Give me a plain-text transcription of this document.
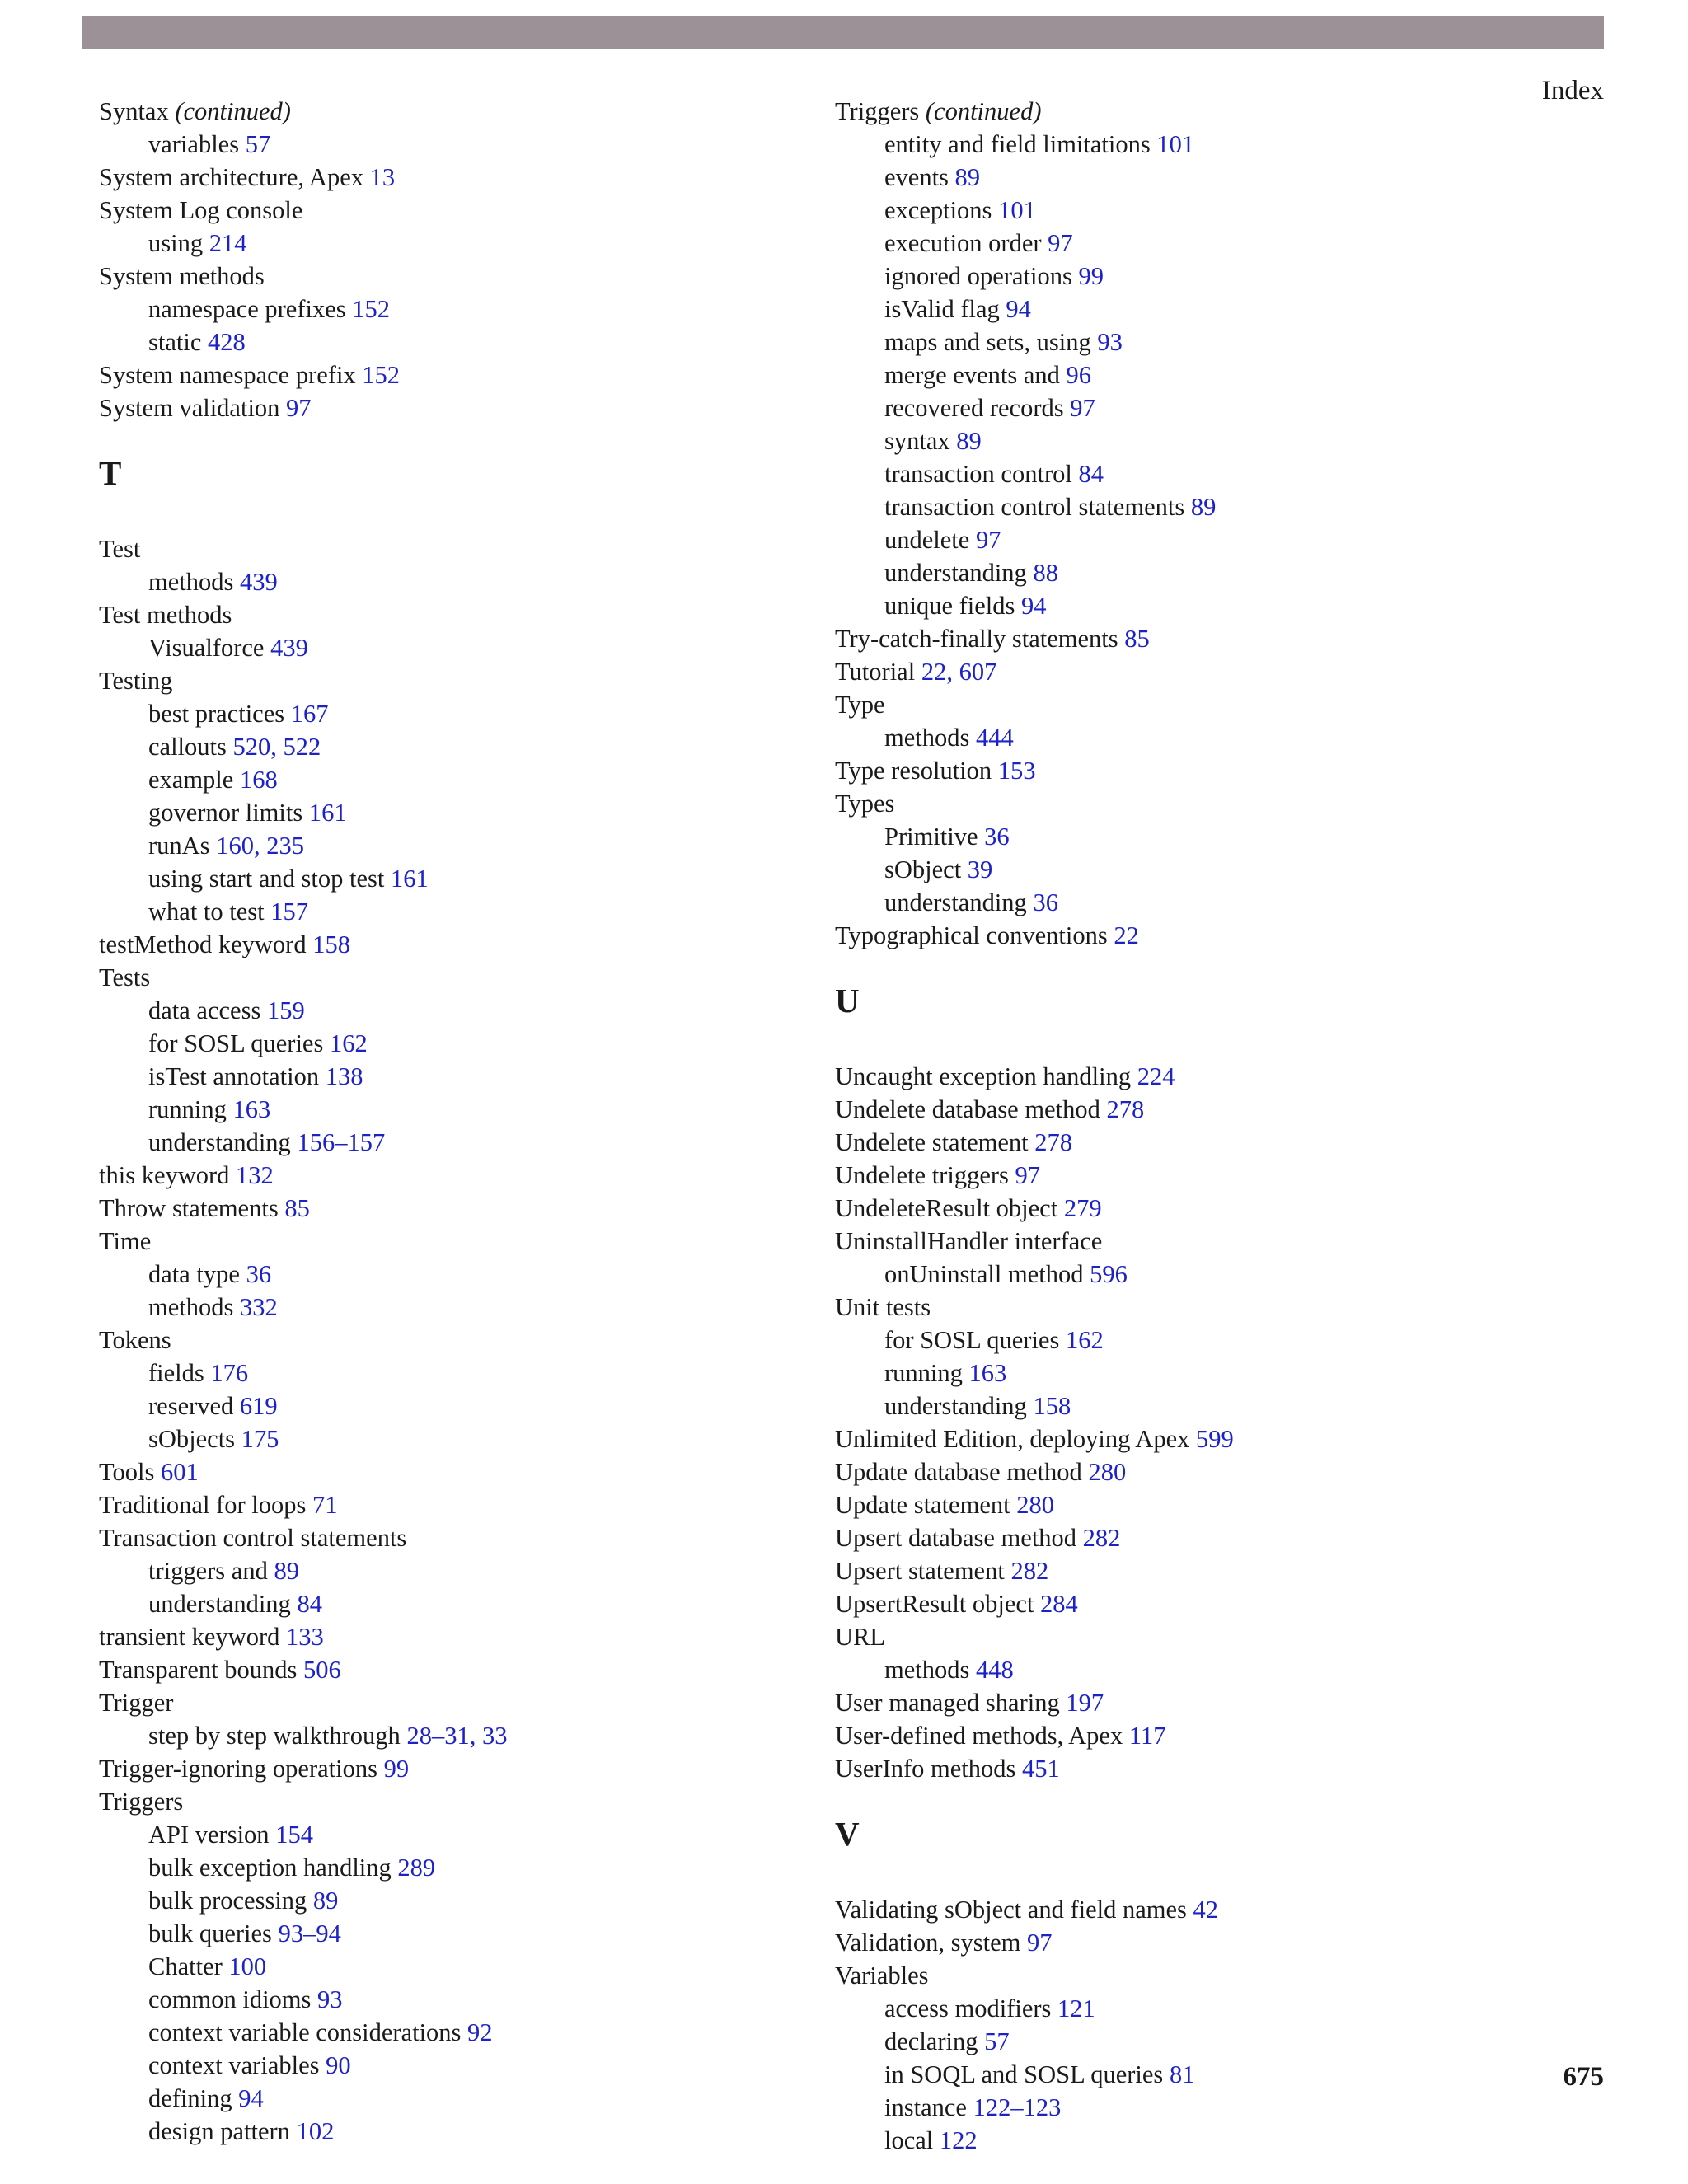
Index
Syntax (continued)
variables 57
System architecture, Apex 13
System Log console
using 214
System methods
namespace prefixes 152
static 428
System namespace prefix 152
System validation 97
T
Test
methods 439
Test methods
Visualforce 439
Testing
best practices 167
callouts 520, 522
example 168
governor limits 161
runAs 160, 235
using start and stop test 161
what to test 157
testMethod keyword 158
Tests
data access 159
for SOSL queries 162
isTest annotation 138
running 163
understanding 156–157
this keyword 132
Throw statements 85
Time
data type 36
methods 332
Tokens
fields 176
reserved 619
sObjects 175
Tools 601
Traditional for loops 71
Transaction control statements
triggers and 89
understanding 84
transient keyword 133
Transparent bounds 506
Trigger
step by step walkthrough 28–31, 33
Trigger-ignoring operations 99
Triggers
API version 154
bulk exception handling 289
bulk processing 89
bulk queries 93–94
Chatter 100
common idioms 93
context variable considerations 92
context variables 90
defining 94
design pattern 102
Triggers (continued)
entity and field limitations 101
events 89
exceptions 101
execution order 97
ignored operations 99
isValid flag 94
maps and sets, using 93
merge events and 96
recovered records 97
syntax 89
transaction control 84
transaction control statements 89
undelete 97
understanding 88
unique fields 94
Try-catch-finally statements 85
Tutorial 22, 607
Type
methods 444
Type resolution 153
Types
Primitive 36
sObject 39
understanding 36
Typographical conventions 22
U
Uncaught exception handling 224
Undelete database method 278
Undelete statement 278
Undelete triggers 97
UndeleteResult object 279
UninstallHandler interface
onUninstall method 596
Unit tests
for SOSL queries 162
running 163
understanding 158
Unlimited Edition, deploying Apex 599
Update database method 280
Update statement 280
Upsert database method 282
Upsert statement 282
UpsertResult object 284
URL
methods 448
User managed sharing 197
User-defined methods, Apex 117
UserInfo methods 451
V
Validating sObject and field names 42
Validation, system 97
Variables
access modifiers 121
declaring 57
in SOQL and SOSL queries 81
instance 122–123
local 122
675
